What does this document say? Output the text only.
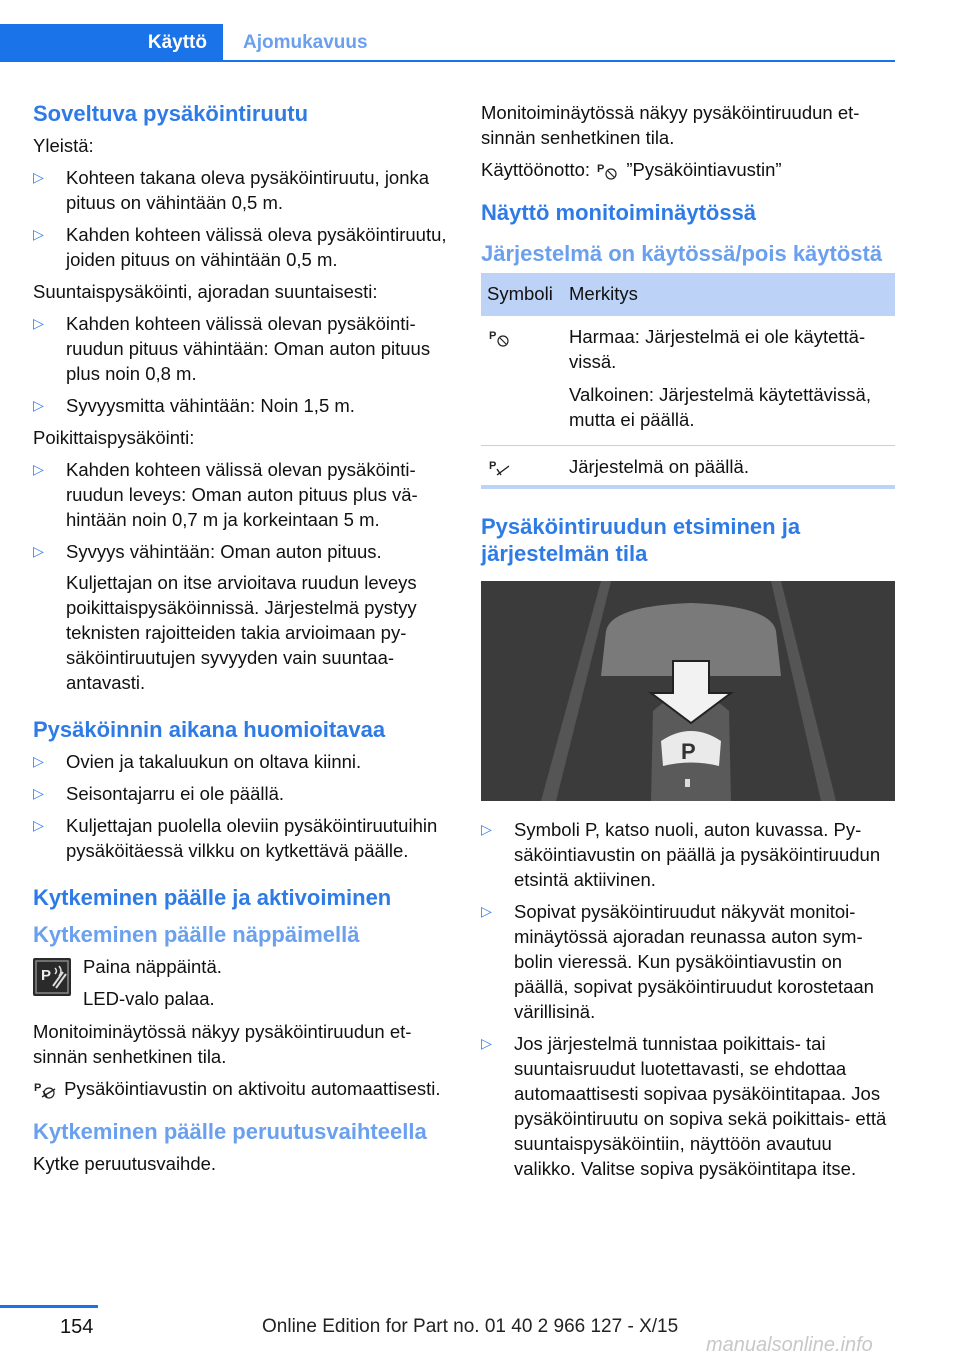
Käyttö	Ajomukavuus
Soveltuva pysäköintiruutu

Yleistä:

▷ Kohteen takana oleva pysäköintiruutu, jonka pituus on vähintään 0,5 m.
▷ Kahden kohteen välissä oleva pysäköintiruutu, joiden pituus on vähintään 0,5 m.

Suuntaispysäköinti, ajoradan suuntaisesti:

▷ Kahden kohteen välissä olevan pysäköintiruudun pituus vähintään: Oman auton pituus plus noin 0,8 m.
▷ Syvyysmitta vähintään: Noin 1,5 m.

Poikittaispysäköinti:

▷ Kahden kohteen välissä olevan pysäköintiruudun leveys: Oman auton pituus plus vähintään noin 0,7 m ja korkeintaan 5 m.
▷ Syvyys vähintään: Oman auton pituus.
Kuljettajan on itse arvioitava ruudun leveys poikittaispysäköinnissä. Järjestelmä pystyy teknisten rajoitteiden takia arvioimaan pysäköintiruutujen syvyyden vain suuntaa-antavasti.
Pysäköinnin aikana huomioitavaa
▷ Ovien ja takaluukun on oltava kiinni.
▷ Seisontajarru ei ole päällä.
▷ Kuljettajan puolella oleviin pysäköintiruutuihin pysäköitäessä vilkku on kytkettävä päälle.
Kytkeminen päälle ja aktivoiminen
Kytkeminen päälle näppäimellä
P Paina näppäintä.

LED-valo palaa.

Monitoiminäytössä näkyy pysäköintiruudun etsinnän senhetkinen tila.

P Pysäköintiavustin on aktivoitu automaattisesti.

Kytkeminen päälle peruutusvaihteella

Kytke peruutusvaihde.

Monitoiminäytössä näkyy pysäköintiruudun etsinnän senhetkinen tila.

Käyttöönotto: P ”Pysäköintiavustin”

Näyttö monitoiminäytössä
Järjestelmä on käytössä/pois käytöstä
Symboli	Merkitys

P	Harmaa: Järjestelmä ei ole käytettävissä.

Valkoinen: Järjestelmä käytettävissä, mutta ei päällä.

P	Järjestelmä on päällä.
Pysäköintiruudun etsiminen ja järjestelmän tila
P
▷ Symboli P, katso nuoli, auton kuvassa. Pysäköintiavustin on päällä ja pysäköintiruudun etsintä aktiivinen.
▷ Sopivat pysäköintiruudut näkyvät monitoiminäytössä ajoradan reunassa auton symbolin vieressä. Kun pysäköintiavustin on päällä, sopivat pysäköintiruudut korostetaan värillisinä.
▷ Jos järjestelmä tunnistaa poikittais- tai suuntaisruudut luotettavasti, se ehdottaa automaattisesti sopivaa pysäköintitapaa. Jos pysäköintiruutu on sopiva sekä poikittais- että suuntaispysäköintiin, näyttöön avautuu valikko. Valitse sopiva pysäköintitapa itse.
154	Online Edition for Part no. 01 40 2 966 127 - X/15
manualsonline.info
